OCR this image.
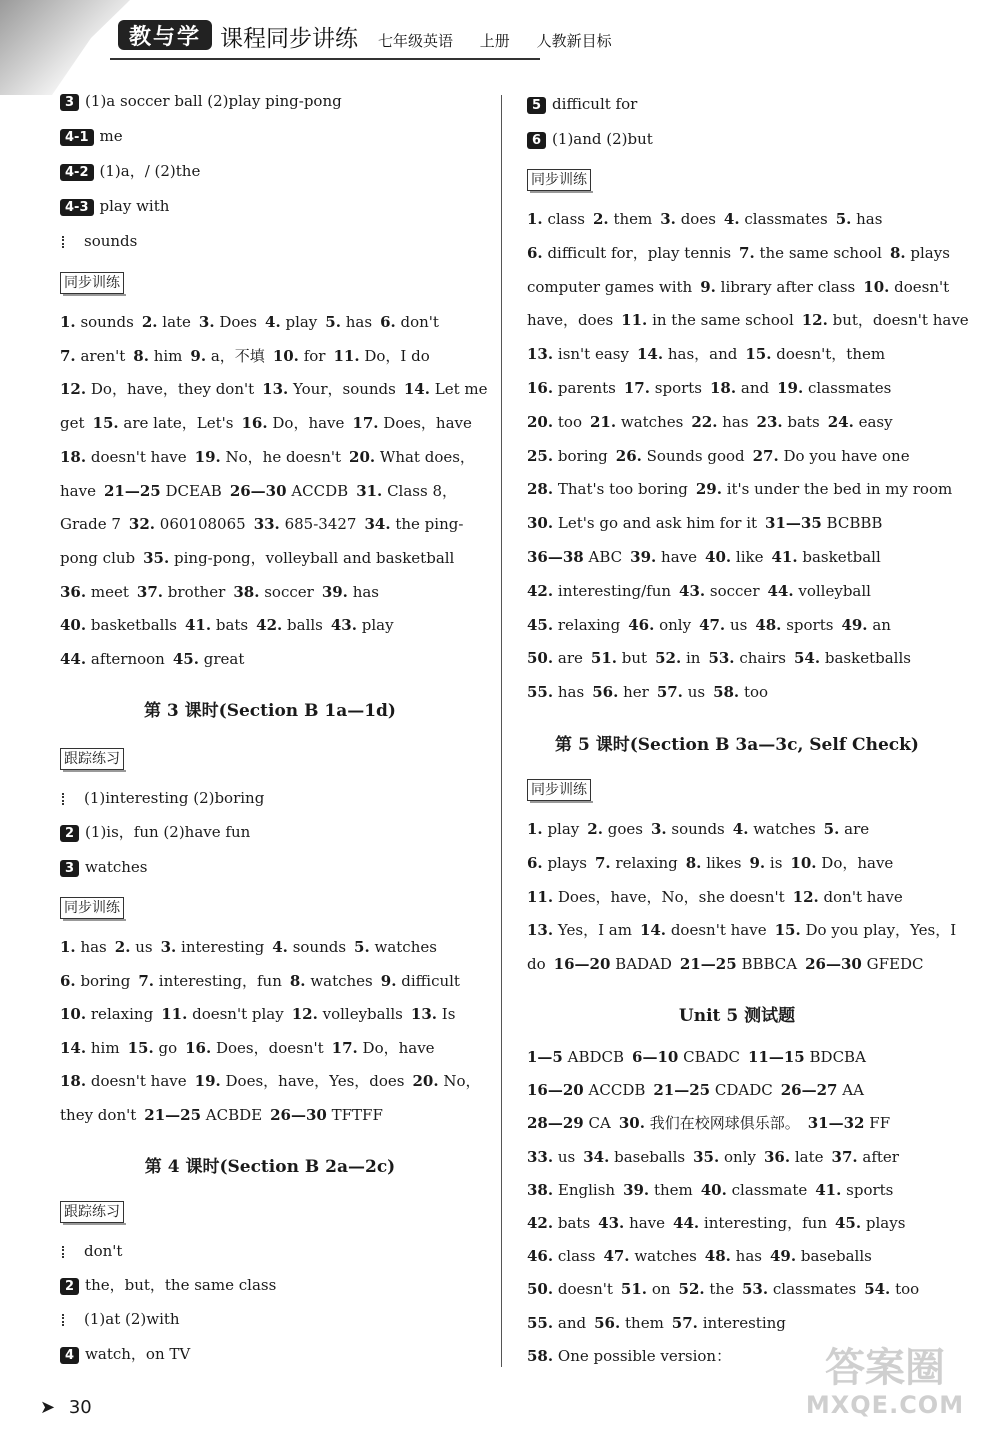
教与学 课程同步讲练 七年级英语 上册 人教新目标
3 (1)a soccer ball (2)play ping-pong
4-1 me
4-2 (1)a，/ (2)the
4-3 play with
sounds
同步训练
1. sounds 2. late 3. Does 4. play 5. has 6. don't
7. aren't 8. him 9. a，不填 10. for 11. Do，I do
12. Do，have，they don't 13. Your，sounds 14. Let me
get 15. are late，Let's 16. Do，have 17. Does，have
18. doesn't have 19. No，he doesn't 20. What does，
have 21—25 DCEAB 26—30 ACCDB 31. Class 8，
Grade 7 32. 060108065 33. 685-3427 34. the ping-
pong club 35. ping-pong，volleyball and basketball
36. meet 37. brother 38. soccer 39. has
40. basketballs 41. bats 42. balls 43. play
44. afternoon 45. great
第 3 课时(Section B 1a—1d)
跟踪练习
(1)interesting (2)boring
2 (1)is，fun (2)have fun
3 watches
同步训练
1. has 2. us 3. interesting 4. sounds 5. watches
6. boring 7. interesting，fun 8. watches 9. difficult
10. relaxing 11. doesn't play 12. volleyballs 13. Is
14. him 15. go 16. Does，doesn't 17. Do，have
18. doesn't have 19. Does，have，Yes，does 20. No，
they don't 21—25 ACBDE 26—30 TFTFF
第 4 课时(Section B 2a—2c)
跟踪练习
don't
2 the，but，the same class
(1)at (2)with
4 watch，on TV
5 difficult for
6 (1)and (2)but
同步训练
1. class 2. them 3. does 4. classmates 5. has
6. difficult for，play tennis 7. the same school 8. plays
computer games with 9. library after class 10. doesn't
have，does 11. in the same school 12. but，doesn't have
13. isn't easy 14. has，and 15. doesn't，them
16. parents 17. sports 18. and 19. classmates
20. too 21. watches 22. has 23. bats 24. easy
25. boring 26. Sounds good 27. Do you have one
28. That's too boring 29. it's under the bed in my room
30. Let's go and ask him for it 31—35 BCBBB
36—38 ABC 39. have 40. like 41. basketball
42. interesting/fun 43. soccer 44. volleyball
45. relaxing 46. only 47. us 48. sports 49. an
50. are 51. but 52. in 53. chairs 54. basketballs
55. has 56. her 57. us 58. too
第 5 课时(Section B 3a—3c, Self Check)
同步训练
1. play 2. goes 3. sounds 4. watches 5. are
6. plays 7. relaxing 8. likes 9. is 10. Do，have
11. Does，have，No，she doesn't 12. don't have
13. Yes，I am 14. doesn't have 15. Do you play，Yes，I
do 16—20 BADAD 21—25 BBBCA 26—30 GFEDC
Unit 5 测试题
1—5 ABDCB 6—10 CBADC 11—15 BDCBA
16—20 ACCDB 21—25 CDADC 26—27 AA
28—29 CA 30. 我们在校网球俱乐部。 31—32 FF
33. us 34. baseballs 35. only 36. late 37. after
38. English 39. them 40. classmate 41. sports
42. bats 43. have 44. interesting，fun 45. plays
46. class 47. watches 48. has 49. baseballs
50. doesn't 51. on 52. the 53. classmates 54. too
55. and 56. them 57. interesting
58. One possible version：
➤ 30
答案圈
MXQE.COM
